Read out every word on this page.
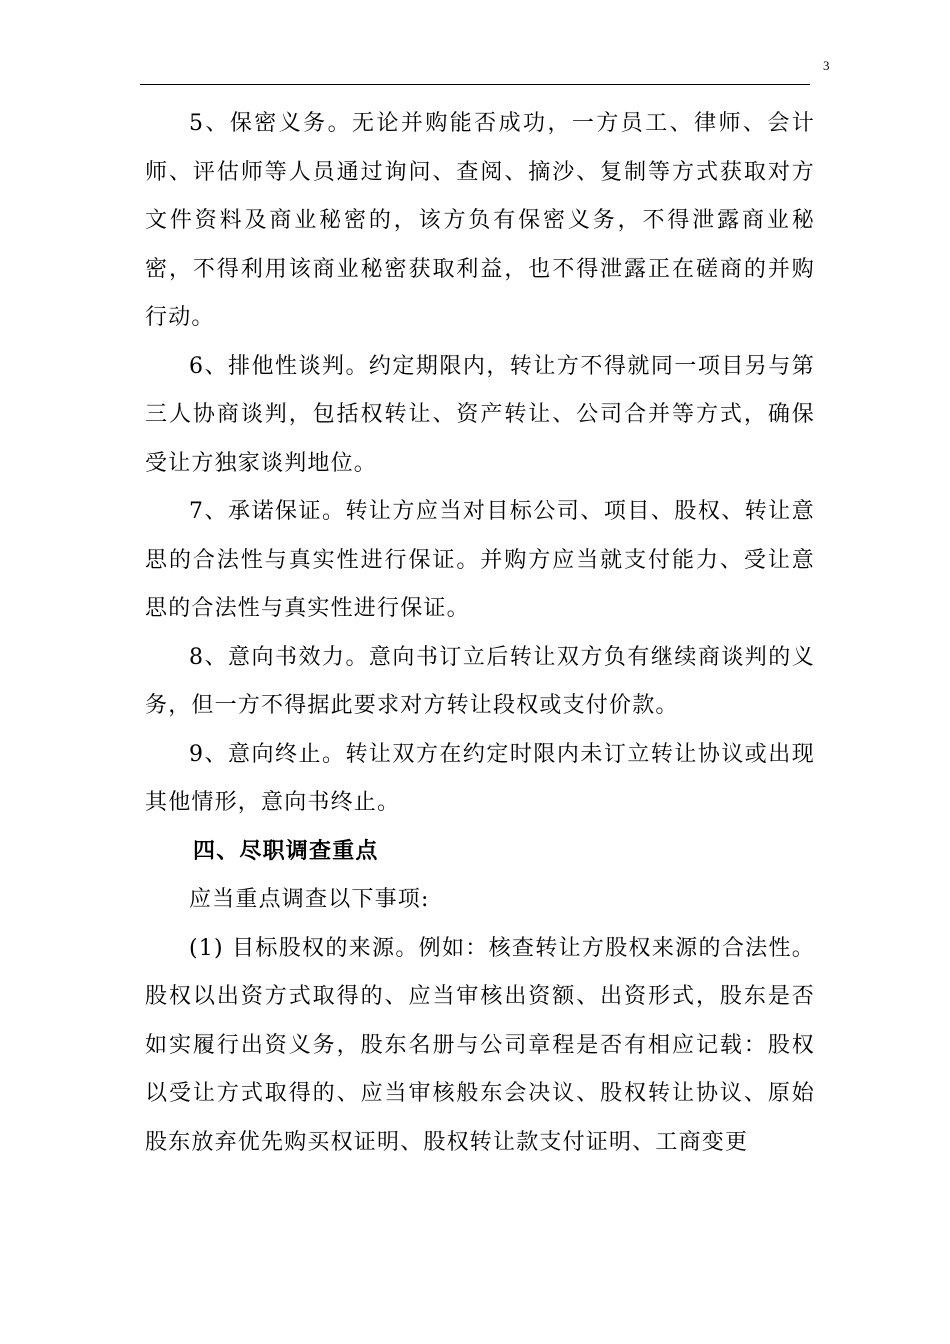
3

5、保密义务。无论并购能否成功，一方员工、律师、会计师、评估师等人员通过询问、查阅、摘沙、复制等方式获取对方文件资料及商业秘密的，该方负有保密义务，不得泄露商业秘密，不得利用该商业秘密获取利益，也不得泄露正在磋商的并购行动。

6、排他性谈判。约定期限内，转让方不得就同一项目另与第三人协商谈判，包括权转让、资产转让、公司合并等方式，确保受让方独家谈判地位。

7、承诺保证。转让方应当对目标公司、项目、股权、转让意思的合法性与真实性进行保证。并购方应当就支付能力、受让意思的合法性与真实性进行保证。

8、意向书效力。意向书订立后转让双方负有继续商谈判的义务，但一方不得据此要求对方转让段权或支付价款。

9、意向终止。转让双方在约定时限内未订立转让协议或出现其他情形，意向书终止。

四、尽职调查重点

应当重点调查以下事项:

(1) 目标股权的来源。例如：核查转让方股权来源的合法性。股权以出资方式取得的、应当审核出资额、出资形式，股东是否如实履行出资义务，股东名册与公司章程是否有相应记载：股权以受让方式取得的、应当审核般东会决议、股权转让协议、原始股东放弃优先购买权证明、股权转让款支付证明、工商变更
